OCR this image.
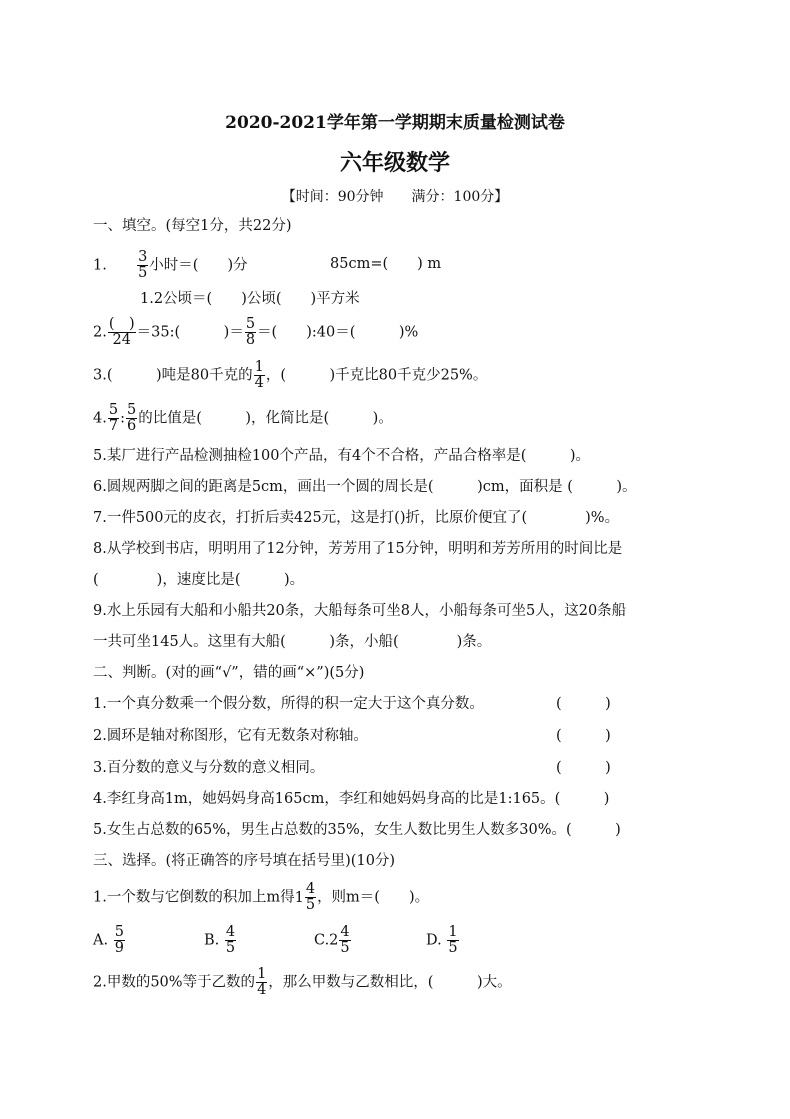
2020-2021学年第一学期期末质量检测试卷
六年级数学
【时间：90分钟　　满分：100分】
一、填空。(每空1分，共22分)
1. $\frac{3}{5}$ 小时＝(　　)分	85cm=(　　) m
1.2公顷＝(　　)公顷(　　)平方米
2. $\frac{( )}{24}$ ＝35:(　　　)＝ $\frac{5}{8}$ ＝(　　):40＝(　　　)%
3.(　　　)吨是80千克的 $\frac{1}{4}$ ，(　　　)千克比80千克少25%。
4. $\frac{5}{7}$ : $\frac{5}{6}$ 的比值是(　　　)，化简比是(　　　)。
5.某厂进行产品检测抽检100个产品，有4个不合格，产品合格率是(　　　)。
6.圆规两脚之间的距离是5cm，画出一个圆的周长是(　　　)cm，面积是 (　　　)。
7.一件500元的皮衣，打折后卖425元，这是打()折，比原价便宜了(　　　　)%。
8.从学校到书店，明明用了12分钟，芳芳用了15分钟，明明和芳芳所用的时间比是
(　　　　)，速度比是(　　　)。
9.水上乐园有大船和小船共20条，大船每条可坐8人，小船每条可坐5人，这20条船
一共可坐145人。这里有大船(　　　)条，小船(　　　　)条。
二、判断。(对的画“√”，错的画“×”)(5分)
1.一个真分数乘一个假分数，所得的积一定大于这个真分数。	(　　　)
2.圆环是轴对称图形，它有无数条对称轴。	(　　　)
3.百分数的意义与分数的意义相同。	(　　　)
4.李红身高1m，她妈妈身高165cm，李红和她妈妈身高的比是1:165。(　　　)
5.女生占总数的65%，男生占总数的35%，女生人数比男生人数多30%。(　　　)
三、选择。(将正确答的序号填在括号里)(10分)
1.一个数与它倒数的积加上m得$1 \frac{4}{5}$ ，则m＝(　　)。
A. $\frac{5}{9}$	B. $\frac{4}{5}$	$C.2 \frac{4}{5}$	D. $\frac{1}{5}$
2.甲数的50%等于乙数的 $\frac{1}{4}$ ，那么甲数与乙数相比，(　　　)大。
